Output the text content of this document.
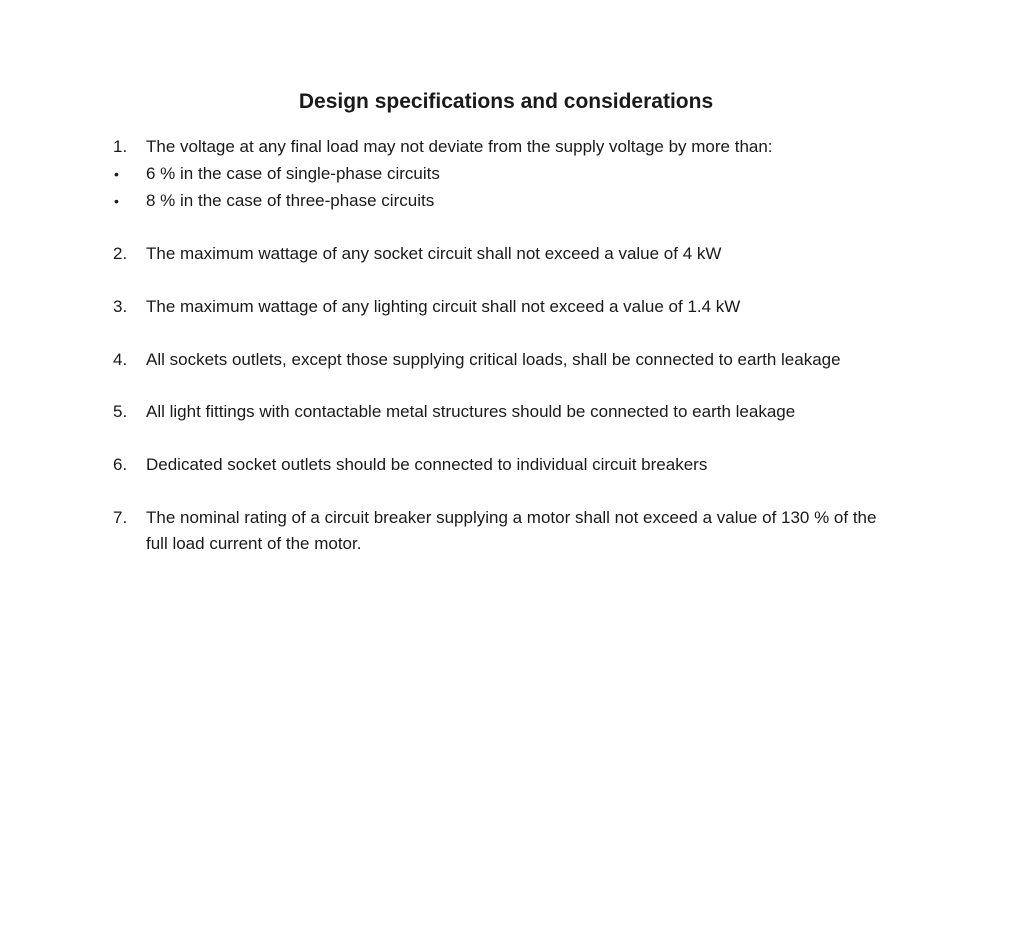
Design specifications and considerations
1. The voltage at any final load may not deviate from the supply voltage by more than:
• 6 % in the case of single-phase circuits
• 8 % in the case of three-phase circuits
2. The maximum wattage of any socket circuit shall not exceed a value of 4 kW
3. The maximum wattage of any lighting circuit shall not exceed a value of 1.4 kW
4. All sockets outlets, except those supplying critical loads, shall be connected to earth leakage
5. All light fittings with contactable metal structures should be connected to earth leakage
6. Dedicated socket outlets should be connected to individual circuit breakers
7. The nominal rating of a circuit breaker supplying a motor shall not exceed a value of 130 % of the full load current of the motor.
